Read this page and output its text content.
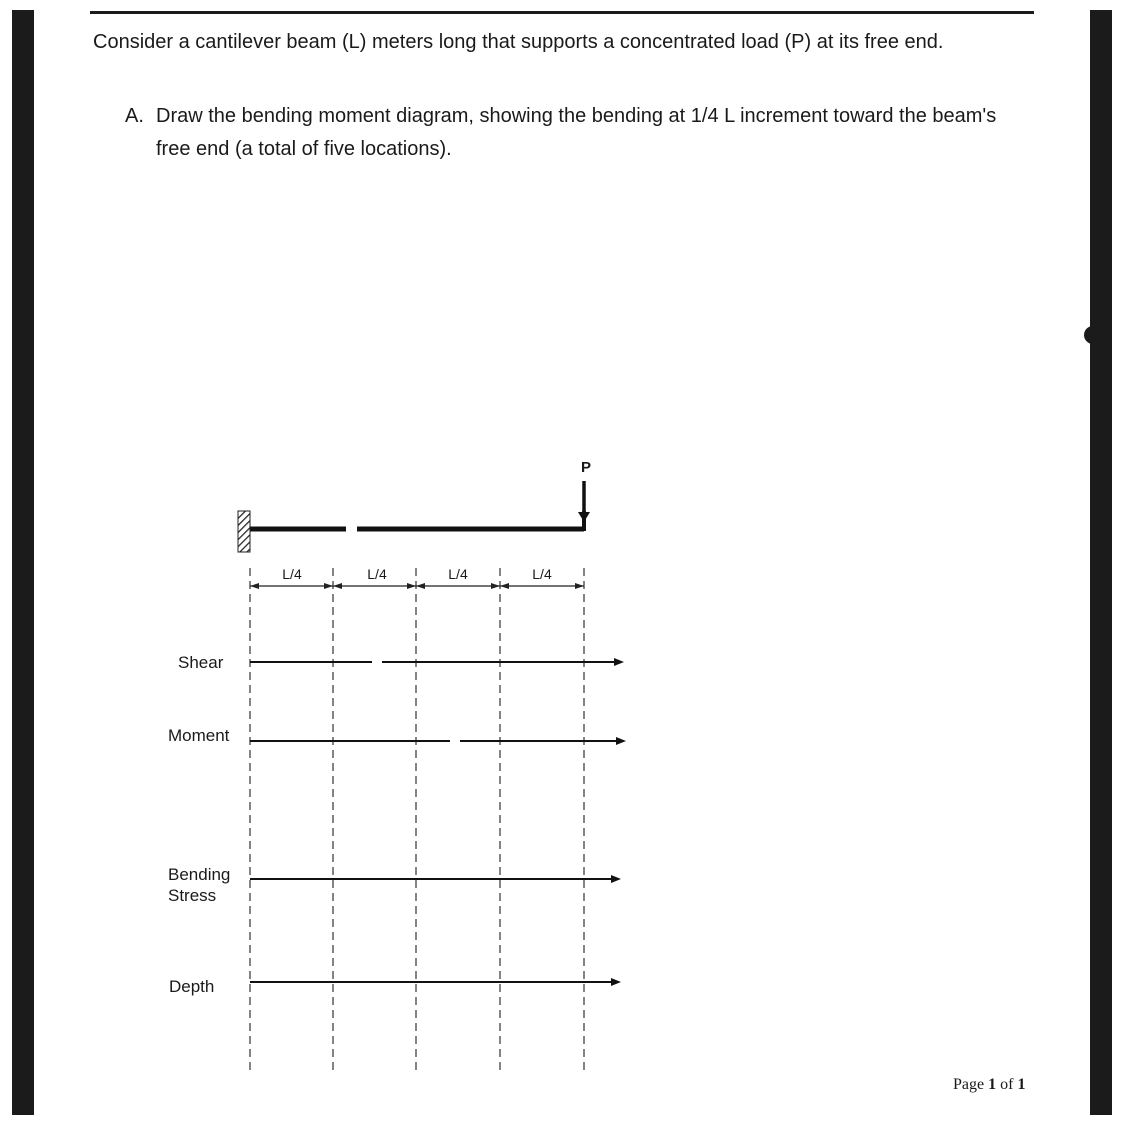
Consider a cantilever beam (L) meters long that supports a concentrated load (P) at its free end.

A. Draw the bending moment diagram, showing the bending at 1/4 L increment toward the beam's free end (a total of five locations).
P
L/4	L/4	L/4	L/4
Shear
Moment
Bending
Stress
Depth
Page 1 of 1
